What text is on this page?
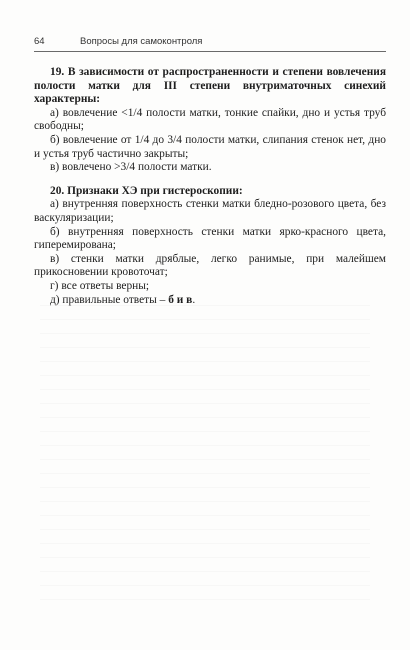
64	Вопросы для самоконтроля

19. В зависимости от распространенности и степени вовлечения полости матки для III степени внутриматочных синехий характерны:

а) вовлечение <1/4 полости матки, тонкие спайки, дно и устья труб свободны;

б) вовлечение от 1/4 до 3/4 полости матки, слипания стенок нет, дно и устья труб частично закрыты;

в) вовлечено >3/4 полости матки.

20. Признаки ХЭ при гистероскопии:

а) внутренняя поверхность стенки матки бледно-розового цвета, без васкуляризации;

б) внутренняя поверхность стенки матки ярко-красного цвета, гиперемирована;

в) стенки матки дряблые, легко ранимые, при малейшем прикосновении кровоточат;

г) все ответы верны;

д) правильные ответы – б и в.
